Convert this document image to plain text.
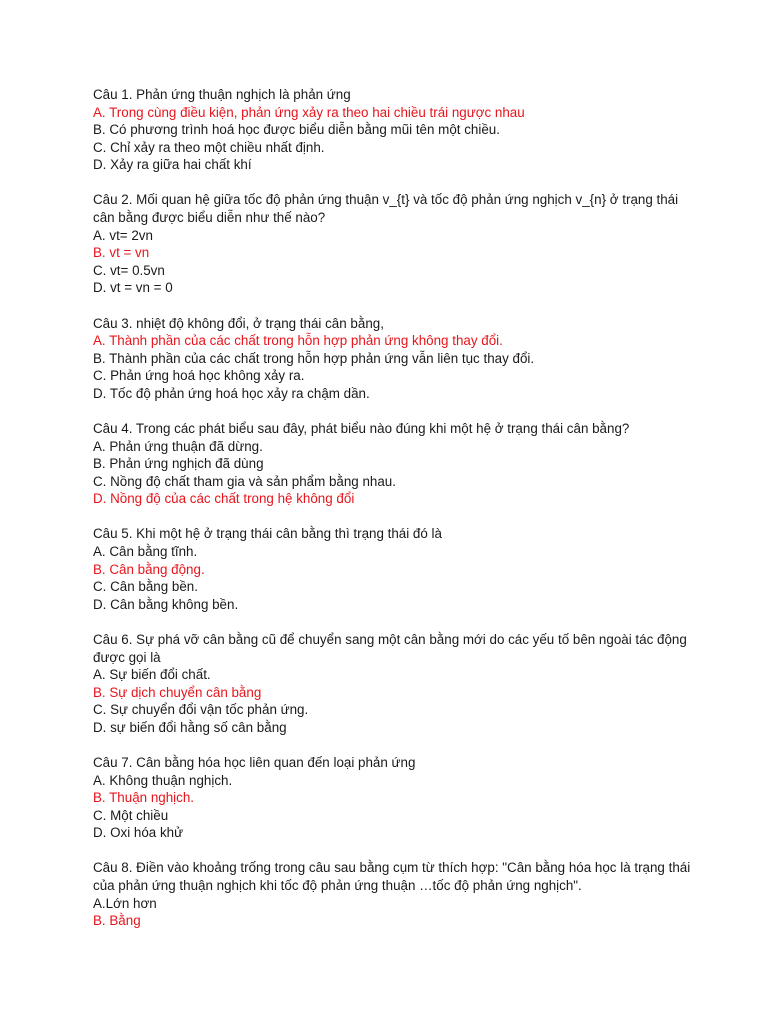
Câu 1. Phản ứng thuận nghịch là phản ứng
A. Trong cùng điều kiện, phản ứng xảy ra theo hai chiều trái ngược nhau
B. Có phương trình hoá học được biểu diễn bằng mũi tên một chiều.
C. Chỉ xảy ra theo một chiều nhất định.
D. Xảy ra giữa hai chất khí
Câu 2. Mối quan hệ giữa tốc độ phản ứng thuận v_{t} và tốc độ phản ứng nghịch v_{n} ở trạng thái cân bằng được biểu diễn như thế nào?
A. vt= 2vn
B. vt = vn
C. vt= 0.5vn
D. vt = vn = 0
Câu 3. nhiệt độ không đổi, ở trạng thái cân bằng,
A. Thành phần của các chất trong hỗn hợp phản ứng không thay đổi.
B. Thành phần của các chất trong hỗn hợp phản ứng vẫn liên tục thay đổi.
C. Phản ứng hoá học không xảy ra.
D. Tốc độ phản ứng hoá học xảy ra chậm dần.
Câu 4. Trong các phát biểu sau đây, phát biểu nào đúng khi một hệ ở trạng thái cân bằng?
A. Phản ứng thuận đã dừng.
B. Phản ứng nghịch đã dùng
C. Nồng độ chất tham gia và sản phẩm bằng nhau.
D. Nồng độ của các chất trong hệ không đổi
Câu 5. Khi một hệ ở trạng thái cân bằng thì trạng thái đó là
A. Cân bằng tĩnh.
B. Cân bằng động.
C. Cân bằng bền.
D. Cân bằng không bền.
Câu 6. Sự phá vỡ cân bằng cũ để chuyển sang một cân bằng mới do các yếu tố bên ngoài tác động được gọi là
A. Sự biến đổi chất.
B. Sự dịch chuyển cân bằng
C. Sự chuyển đổi vận tốc phản ứng.
D. sự biến đổi hằng số cân bằng
Câu 7. Cân bằng hóa học liên quan đến loại phản ứng
A. Không thuận nghịch.
B. Thuận nghịch.
C. Một chiều
D. Oxi hóa khử
Câu 8. Điền vào khoảng trống trong câu sau bằng cụm từ thích hợp: "Cân bằng hóa học là trạng thái của phản ứng thuận nghịch khi tốc độ phản ứng thuận …tốc độ phản ứng nghịch".
A.Lớn hơn
B. Bằng
